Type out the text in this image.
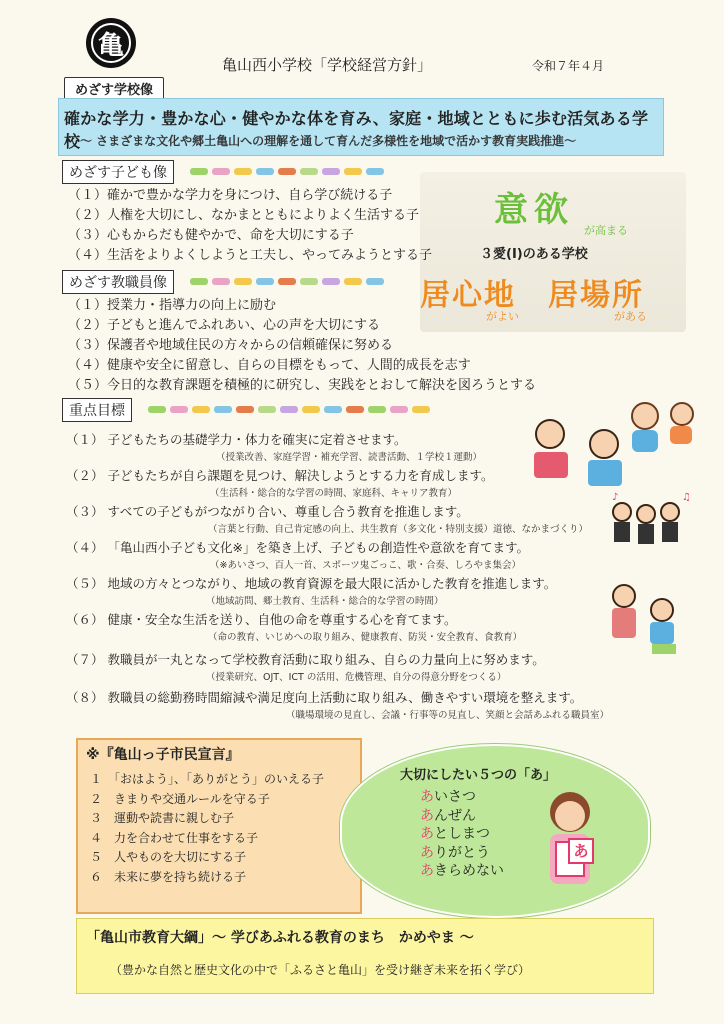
亀
亀山西小学校「学校経営方針」	令和７年４月
めざす学校像
確かな学力・豊かな心・健やかな体を育み、家庭・地域とともに歩む活気ある学校 ～ さまざまな文化や郷土亀山への理解を通して育んだ多様性を地域で活かす教育実践推進～
意欲
が高まる
３愛(I)のある学校
居心地　居場所
がよい	がある
めざす子ども像
（１）確かで豊かな学力を身につけ、自ら学び続ける子
（２）人権を大切にし、なかまとともによりよく生活する子
（３）心もからだも健やかで、命を大切にする子
（４）生活をよりよくしようと工夫し、やってみようとする子
めざす教職員像
（１）授業力・指導力の向上に励む
（２）子どもと進んでふれあい、心の声を大切にする
（３）保護者や地域住民の方々からの信頼確保に努める
（４）健康や安全に留意し、自らの目標をもって、人間的成長を志す
（５）今日的な教育課題を積極的に研究し、実践をとおして解決を図ろうとする
重点目標
（１） 子どもたちの基礎学力・体力を確実に定着させます。
（授業改善、家庭学習・補充学習、読書活動、１学校１運動）
（２） 子どもたちが自ら課題を見つけ、解決しようとする力を育成します。
（生活科・総合的な学習の時間、家庭科、キャリア教育）
（３） すべての子どもがつながり合い、尊重し合う教育を推進します。
（言葉と行動、自己肯定感の向上、共生教育（多文化・特別支援）道徳、なかまづくり）
（４） 「亀山西小子ども文化※」を築き上げ、子どもの創造性や意欲を育てます。
（※あいさつ、百人一首、スポーツ鬼ごっこ、歌・合奏、しろやま集会）
（５） 地域の方々とつながり、地域の教育資源を最大限に活かした教育を推進します。
（地域訪問、郷土教育、生活科・総合的な学習の時間）
（６） 健康・安全な生活を送り、自他の命を尊重する心を育てます。
（命の教育、いじめへの取り組み、健康教育、防災・安全教育、食教育）
（７） 教職員が一丸となって学校教育活動に取り組み、自らの力量向上に努めます。
（授業研究、OJT、ICT の活用、危機管理、自分の得意分野をつくる）
（８） 教職員の総勤務時間縮減や満足度向上活動に取り組み、働きやすい環境を整えます。
（職場環境の見直し、会議・行事等の見直し、笑顔と会話あふれる職員室）
♪	♫
※『亀山っ子市民宣言』
１　「おはよう」、「ありがとう」のいえる子
２　きまりや交通ルールを守る子
３　運動や読書に親しむ子
４　力を合わせて仕事をする子
５　人やものを大切にする子
６　未来に夢を持ち続ける子
大切にしたい５つの「あ」
あいさつ
あんぜん
あとしまつ
ありがとう
あきらめない
あ
「亀山市教育大綱」～ 学びあふれる教育のまち　かめやま ～
（豊かな自然と歴史文化の中で「ふるさと亀山」を受け継ぎ未来を拓く学び）
